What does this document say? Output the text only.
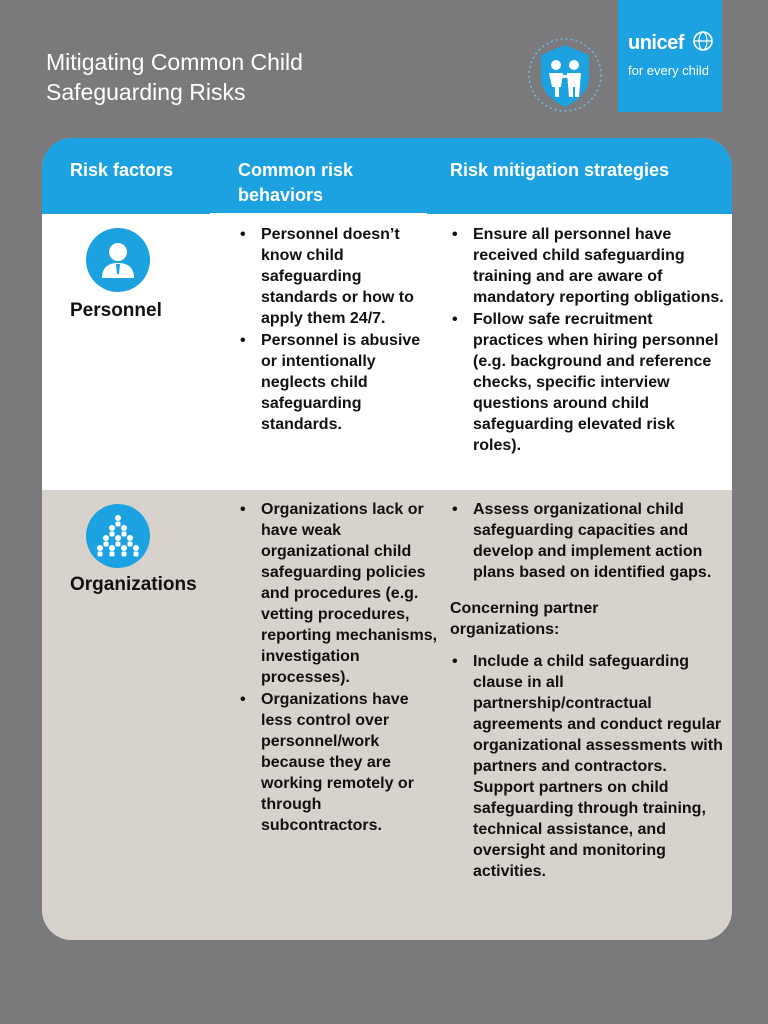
Mitigating Common Child
Safeguarding Risks
unicef
for every child
Risk factors	Common risk behaviors
Risk mitigation strategies
Personnel
• Personnel doesn’t know child safeguarding standards or how to apply them 24/7.
• Personnel is abusive or intentionally neglects child safeguarding standards.
• Ensure all personnel have received child safeguarding training and are aware of mandatory reporting obligations.
• Follow safe recruitment practices when hiring personnel (e.g. background and reference checks, specific interview questions around child safeguarding elevated risk roles).
Organizations
• Organizations lack or have weak organizational child safeguarding policies and procedures (e.g. vetting procedures, reporting mechanisms, investigation processes).
• Organizations have less control over personnel/work because they are working remotely or through subcontractors.
• Assess organizational child safeguarding capacities and develop and implement action plans based on identified gaps.
Concerning partner organizations:
• Include a child safeguarding clause in all partnership/contractual agreements and conduct regular organizational assessments with partners and contractors. Support partners on child safeguarding through training, technical assistance, and oversight and monitoring activities.
